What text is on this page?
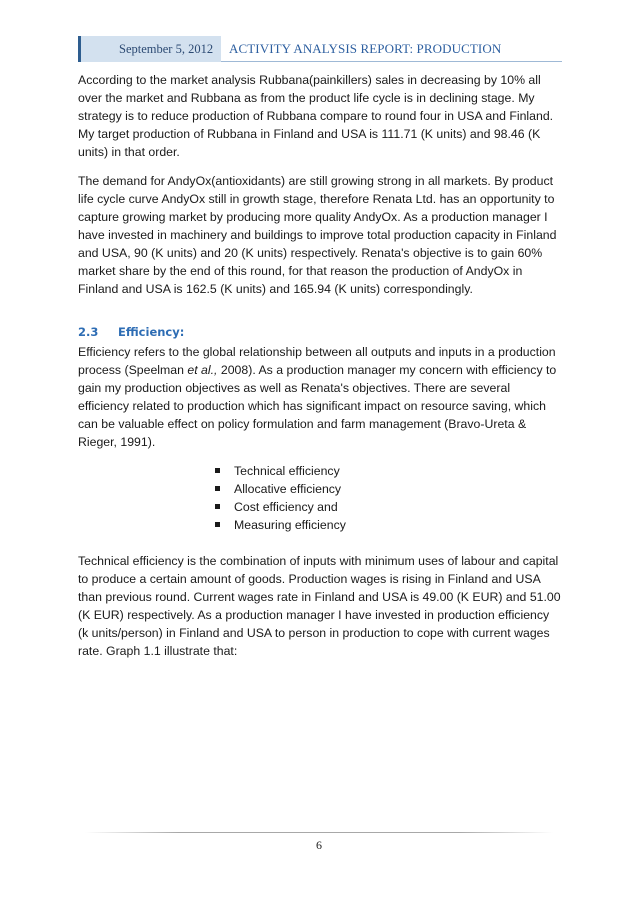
September 5, 2012	ACTIVITY ANALYSIS REPORT: PRODUCTION

According to the market analysis Rubbana(painkillers) sales in decreasing by 10% all over the market and Rubbana as from the product life cycle is in declining stage. My strategy is to reduce production of Rubbana compare to round four in USA and Finland. My target production of Rubbana in Finland and USA is 111.71 (K units) and 98.46 (K units) in that order.

The demand for AndyOx(antioxidants) are still growing strong in all markets. By product life cycle curve AndyOx still in growth stage, therefore Renata Ltd. has an opportunity to capture growing market by producing more quality AndyOx. As a production manager I have invested in machinery and buildings to improve total production capacity in Finland and USA, 90 (K units) and 20 (K units) respectively. Renata's objective is to gain 60% market share by the end of this round, for that reason the production of AndyOx in Finland and USA is 162.5 (K units) and 165.94 (K units) correspondingly.

2.3 Efficiency:

Efficiency refers to the global relationship between all outputs and inputs in a production process (Speelman et al., 2008). As a production manager my concern with efficiency to gain my production objectives as well as Renata's objectives. There are several efficiency related to production which has significant impact on resource saving, which can be valuable effect on policy formulation and farm management (Bravo-Ureta & Rieger, 1991).

Technical efficiency
Allocative efficiency
Cost efficiency and
Measuring efficiency

Technical efficiency is the combination of inputs with minimum uses of labour and capital to produce a certain amount of goods. Production wages is rising in Finland and USA than previous round. Current wages rate in Finland and USA is 49.00 (K EUR) and 51.00 (K EUR) respectively. As a production manager I have invested in production efficiency (k units/person) in Finland and USA to person in production to cope with current wages rate. Graph 1.1 illustrate that:

6
